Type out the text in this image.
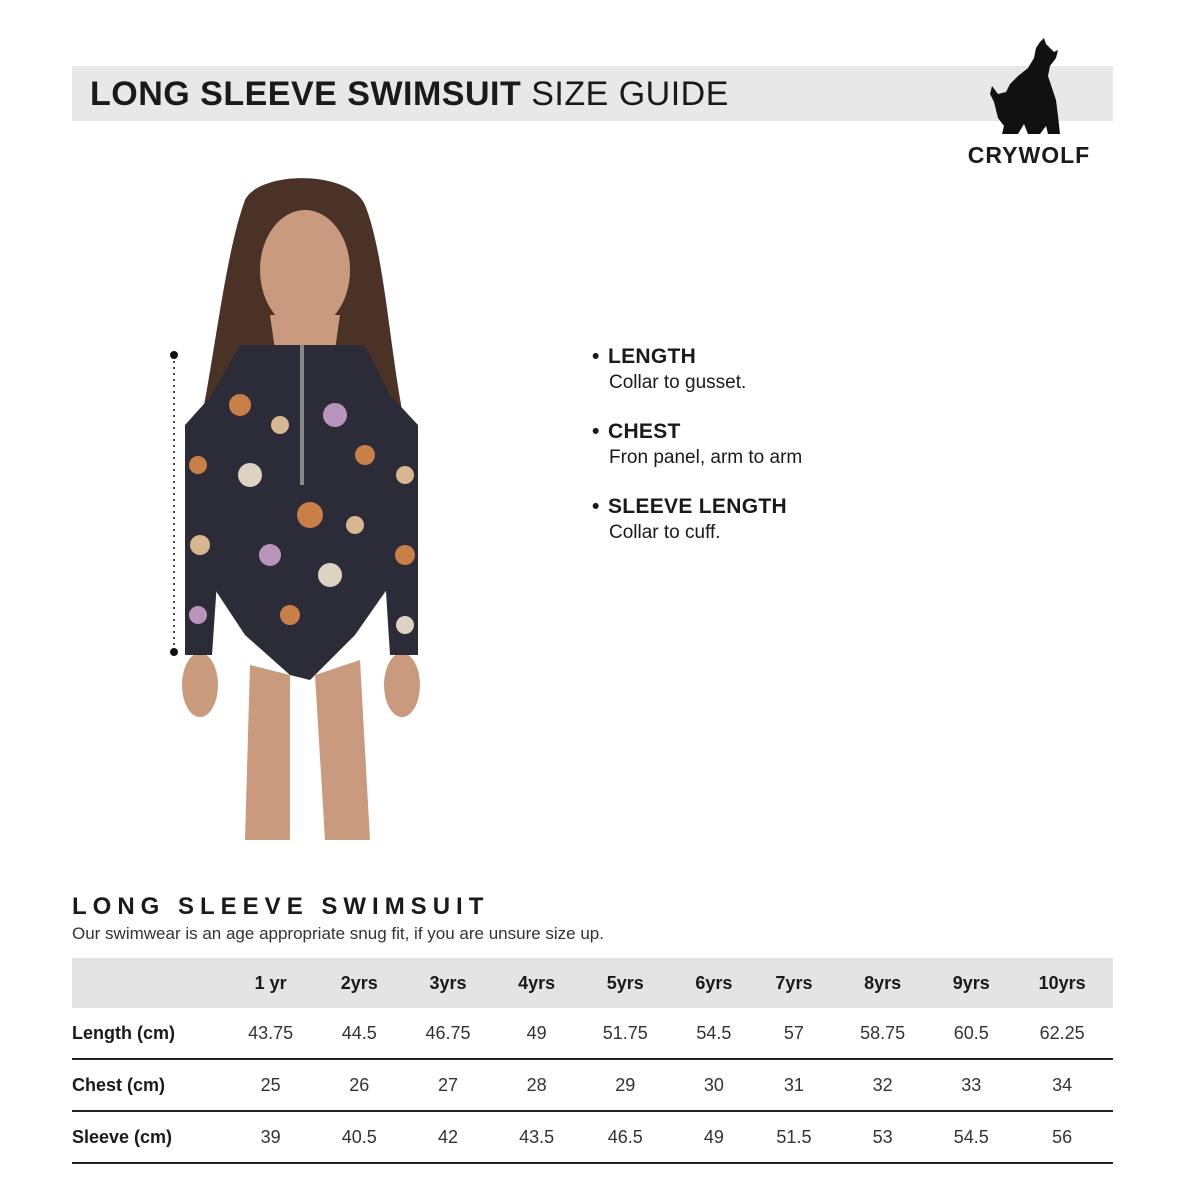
LONG SLEEVE SWIMSUIT SIZE GUIDE
CRYWOLF
• LENGTH
Collar to gusset.
• CHEST
Fron panel, arm to arm
• SLEEVE LENGTH
Collar to cuff.
LONG SLEEVE SWIMSUIT
Our swimwear is an age appropriate snug fit, if you are unsure size up.
	1 yr	2yrs	3yrs	4yrs	5yrs	6yrs	7yrs	8yrs	9yrs	10yrs
Length (cm)	43.75	44.5	46.75	49	51.75	54.5	57	58.75	60.5	62.25
Chest (cm)	25	26	27	28	29	30	31	32	33	34
Sleeve (cm)	39	40.5	42	43.5	46.5	49	51.5	53	54.5	56
